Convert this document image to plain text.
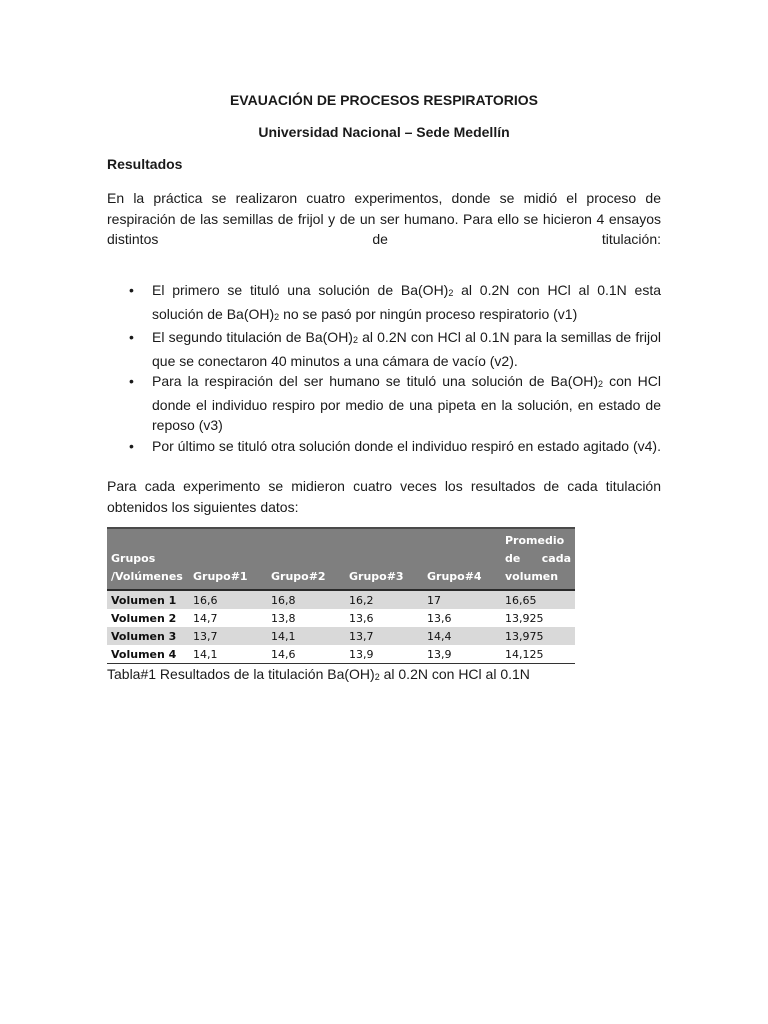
EVAUACIÓN DE PROCESOS RESPIRATORIOS
Universidad Nacional – Sede Medellín
Resultados

En la práctica se realizaron cuatro experimentos, donde se midió el proceso de respiración de las semillas de frijol y de un ser humano. Para ello se hicieron 4 ensayos distintos de titulación:

• El primero se tituló una solución de $Ba(OH)_2$ al 0.2N con HCl al 0.1N esta solución de $Ba(OH)_2$ no se pasó por ningún proceso respiratorio (v1)
• El segundo titulación de $Ba(OH)_2$ al 0.2N con HCl al 0.1N para la semillas de frijol que se conectaron 40 minutos a una cámara de vacío (v2).
• Para la respiración del ser humano se tituló una solución de $Ba(OH)_2$ con HCl donde el individuo respiro por medio de una pipeta en la solución, en estado de reposo (v3)
• Por último se tituló otra solución donde el individuo respiró en estado agitado (v4).

Para cada experimento se midieron cuatro veces los resultados de cada titulación obtenidos los siguientes datos:

Grupos
/Volúmenes	Grupo#1	Grupo#2	Grupo#3	Grupo#4	Promedio
de cada
volumen
Volumen 1	16,6	16,8	16,2	17	16,65
Volumen 2	14,7	13,8	13,6	13,6	13,925
Volumen 3	13,7	14,1	13,7	14,4	13,975
Volumen 4	14,1	14,6	13,9	13,9	14,125
Tabla#1 Resultados de la titulación $Ba(OH)_2$ al 0.2N con HCl al 0.1N
